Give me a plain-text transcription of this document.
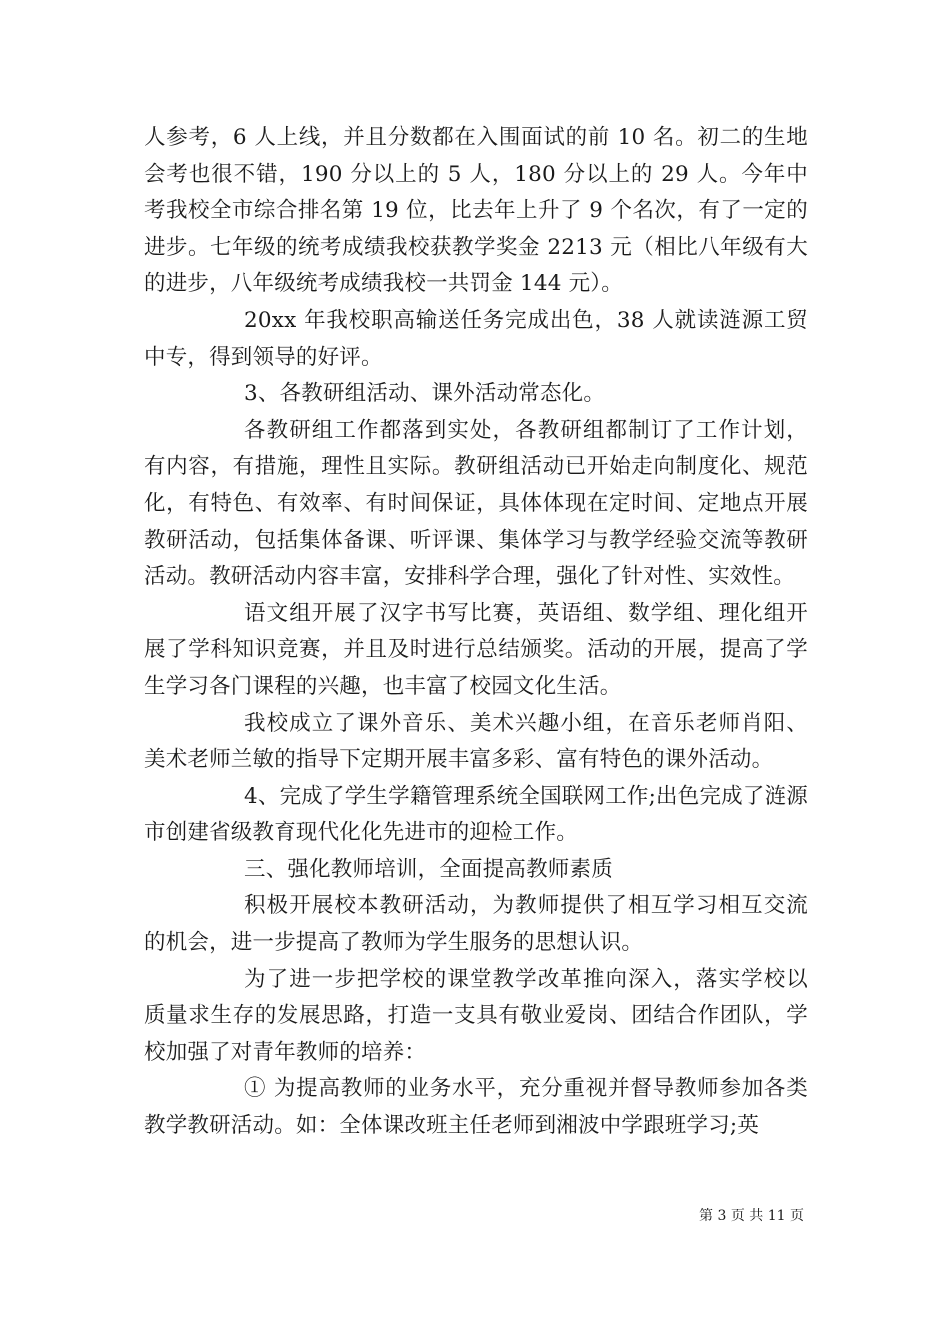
人参考，6 人上线，并且分数都在入围面试的前 10 名。初二的生地会考也很不错，190 分以上的 5 人，180 分以上的 29 人。今年中考我校全市综合排名第 19 位，比去年上升了 9 个名次，有了一定的进步。七年级的统考成绩我校获教学奖金 2213 元（相比八年级有大的进步，八年级统考成绩我校一共罚金 144 元）。

20xx 年我校职高输送任务完成出色，38 人就读涟源工贸中专，得到领导的好评。

3、各教研组活动、课外活动常态化。

各教研组工作都落到实处，各教研组都制订了工作计划，有内容，有措施，理性且实际。教研组活动已开始走向制度化、规范化，有特色、有效率、有时间保证，具体体现在定时间、定地点开展教研活动，包括集体备课、听评课、集体学习与教学经验交流等教研活动。教研活动内容丰富，安排科学合理，强化了针对性、实效性。

语文组开展了汉字书写比赛，英语组、数学组、理化组开展了学科知识竞赛，并且及时进行总结颁奖。活动的开展，提高了学生学习各门课程的兴趣，也丰富了校园文化生活。

我校成立了课外音乐、美术兴趣小组，在音乐老师肖阳、美术老师兰敏的指导下定期开展丰富多彩、富有特色的课外活动。

4、完成了学生学籍管理系统全国联网工作;出色完成了涟源市创建省级教育现代化化先进市的迎检工作。

三、强化教师培训，全面提高教师素质

积极开展校本教研活动，为教师提供了相互学习相互交流的机会，进一步提高了教师为学生服务的思想认识。

为了进一步把学校的课堂教学改革推向深入，落实学校以质量求生存的发展思路，打造一支具有敬业爱岗、团结合作团队，学校加强了对青年教师的培养：

① 为提高教师的业务水平，充分重视并督导教师参加各类教学教研活动。如：全体课改班主任老师到湘波中学跟班学习;英

第 3 页 共 11 页
